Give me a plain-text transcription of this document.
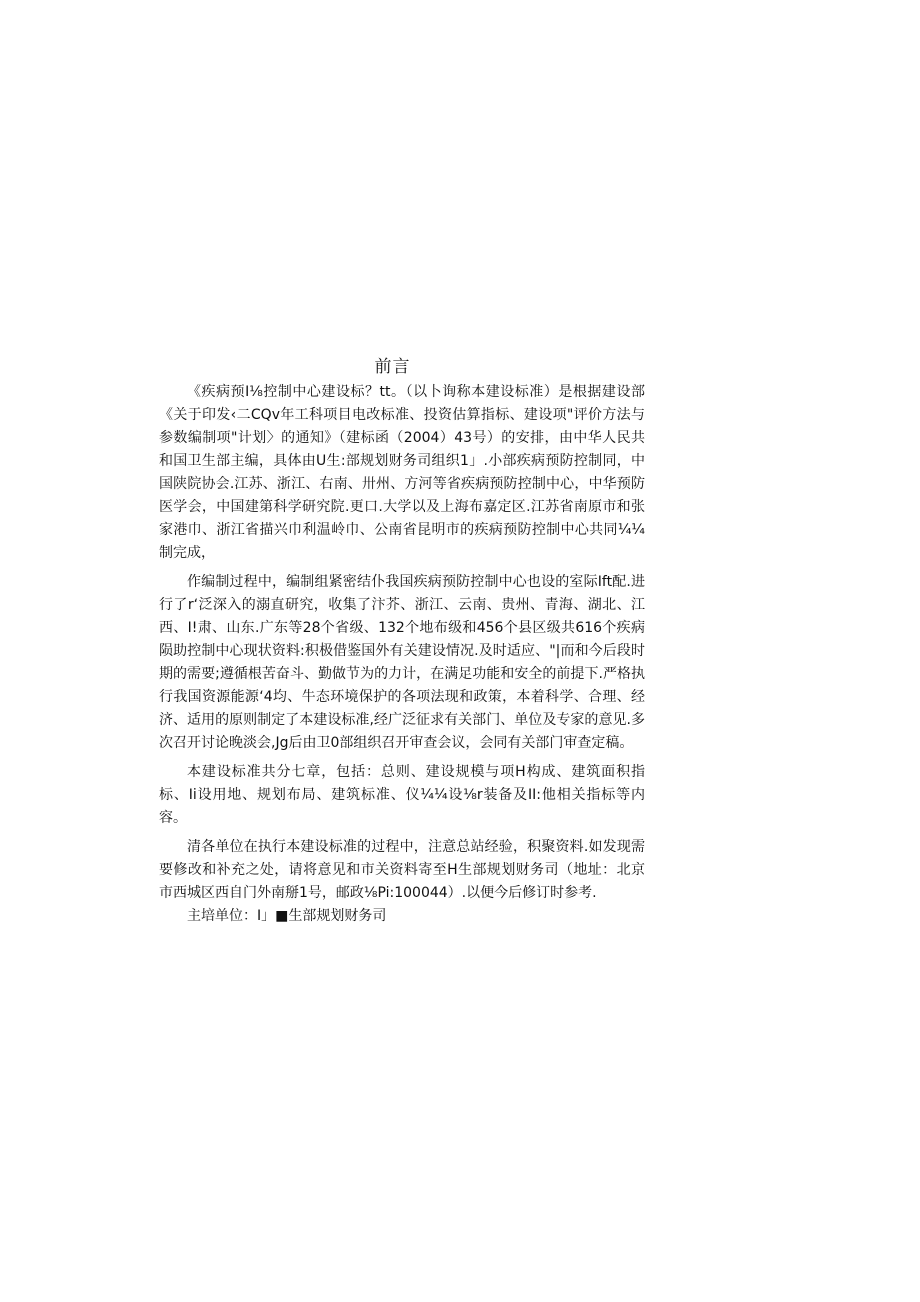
前言

《疾病预I⅛控制中心建设标？tt。（以卜询称本建设标准）是根据建设部《关于印发‹二CQv年工科项目电改标准、投资估算指标、建设项"评价方法与参数编制项"计划〉的通知》（建标函（2004）43号）的安排，由中华人民共和国卫生部主编，具体由U生:部规划财务司组织1」.小部疾病预防控制同，中国陕院协会.江苏、浙江、右南、卅州、方河等省疾病预防控制中心，中华预防医学会，中国建第科学研究院.更口.大学以及上海布嘉定区.江苏省南原市和张家港巾、浙江省描兴巾利温岭巾、公南省昆明市的疾病预防控制中心共同¼¼制完成，

作编制过程中，编制组紧密结仆我国疾病预防控制中心也设的室际Ift配.进行了r‘泛深入的溺直研究，收集了汴芥、浙江、云南、贵州、青海、湖北、江西、I!肃、山东.广东等28个省级、132个地布级和456个县区级共616个疾病陨助控制中心现状资料:积极借鉴国外有关建设情况.及时适应、"|而和今后段时期的需要;遵循根苦奋斗、勤做节为的力计，在满足功能和安全的前提下.严格执行我国资源能源‘4均、牛态环境保护的各项法现和政策，本着科学、合理、经济、适用的原则制定了本建设标准,经广泛征求有关部门、单位及专家的意见.多次召开讨论晚淡会,Jg后由卫0部组织召开审查会议，会同有关部门审查定稿。

本建设标准共分七章，包括：总则、建设规模与项H构成、建筑面积指标、Ii设用地、规划布局、建筑标准、仪¼¼设⅛r装备及II:他相关指标等内容。

清各单位在执行本建设标准的过程中，注意总站经验，积聚资料.如发现需要修改和补充之处，请将意见和市关资料寄至H生部规划财务司（地址：北京市西城区西自门外南掰1号，邮政⅛Pi:100044）.以便今后修订时参考.

主培单位：I」■生部规划财务司
